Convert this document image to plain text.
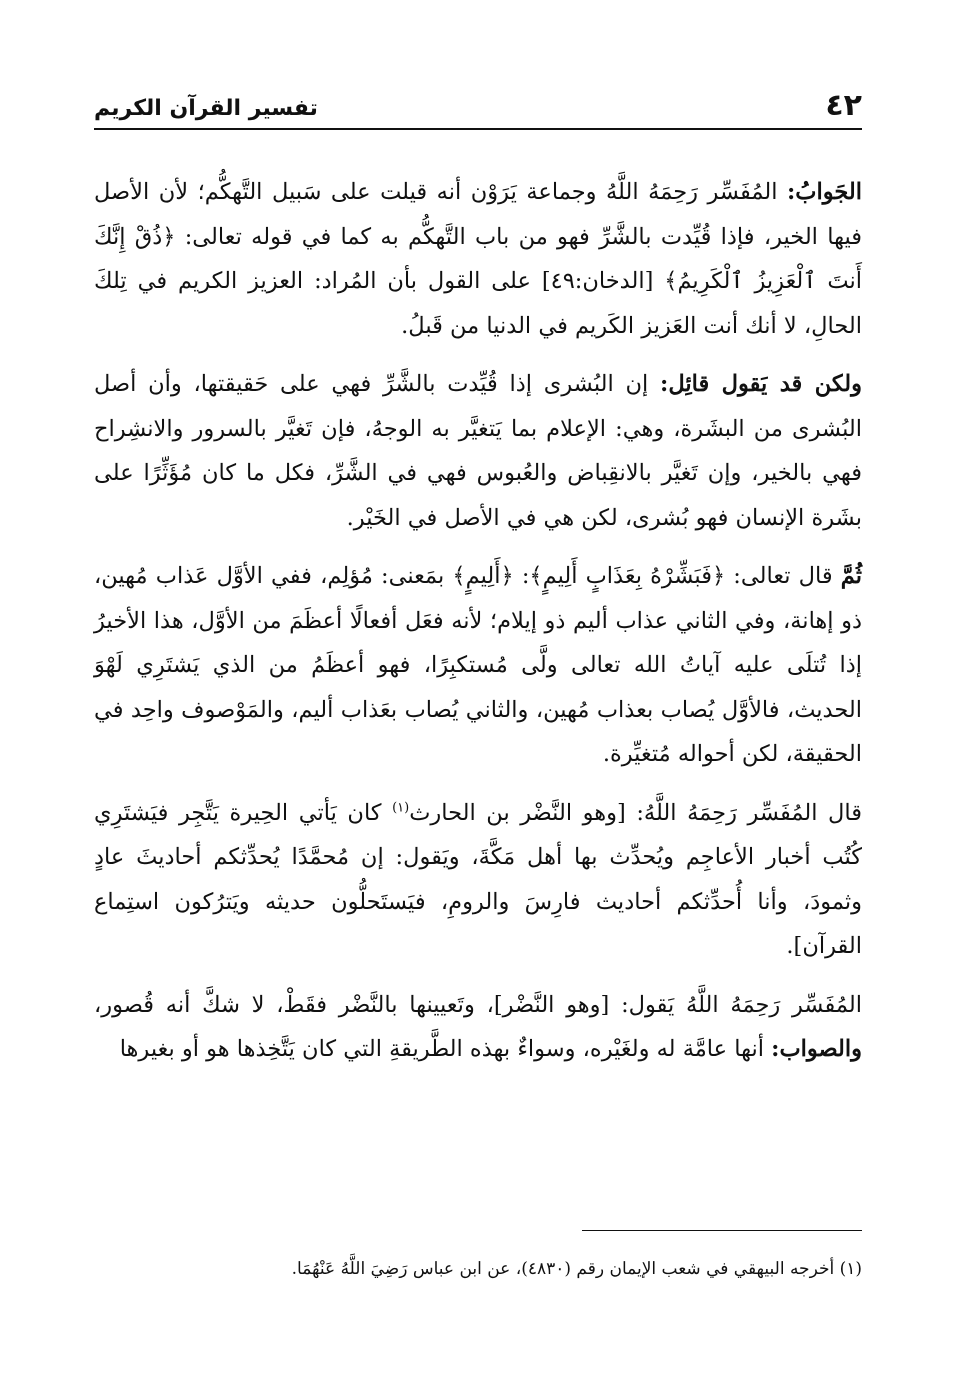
٤٢
تفسير القرآن الكريم

الجَوابُ: المُفَسِّر رَحِمَهُ اللَّهُ وجماعة يَرَوْن أنه قيلت على سَبيل التَّهكُّم؛ لأن الأصل فيها الخير، فإذا قُيِّدت بالشَّرِّ فهو من باب التَّهكُّم به كما في قوله تعالى: ﴿ذُقْ إِنَّكَ أَنتَ ٱلْعَزِيزُ ٱلْكَرِيمُ﴾ [الدخان:٤٩] على القول بأن المُراد: العزيز الكريم في تِلكَ الحالِ، لا أنك أنت العَزيز الكَريم في الدنيا من قَبلُ.

ولكن قد يَقول قائِل: إن البُشرى إذا قُيِّدت بالشَّرِّ فهي على حَقيقتها، وأن أصل البُشرى من البشَرة، وهي: الإعلام بما يَتغيَّر به الوجهُ، فإن تَغيَّر بالسرور والانشِراح فهي بالخير، وإن تَغيَّر بالانقِباض والعُبوس فهي في الشَّرِّ، فكل ما كان مُؤَثِّرًا على بشَرة الإنسان فهو بُشرى، لكن هي في الأصل في الخَيْر.

ثُمَّ قال تعالى: ﴿فَبَشِّرْهُ بِعَذَابٍ أَلِيمٍ﴾: ﴿أَلِيمٍ﴾ بمَعنى: مُؤلِم، ففي الأوَّل عَذاب مُهين، ذو إهانة، وفي الثاني عذاب أليم ذو إيلام؛ لأنه فعَل أفعالًا أعظَمَ من الأوَّل، هذا الأخيرُ إذا تُتلَى عليه آياتُ الله تعالى ولَّى مُستكبِرًا، فهو أعظَمُ من الذي يَشتَرِي لَهْوَ الحديث، فالأوَّل يُصاب بعذاب مُهين، والثاني يُصاب بعَذاب أليم، والمَوْصوف واحِد في الحقيقة، لكن أحواله مُتغيِّرة.

قال المُفَسِّر رَحِمَهُ اللَّهُ: [وهو النَّضْر بن الحارث$^{(١)}$ كان يَأتي الحِيرة يَتَّجِر فيَشتَرِي كُتُب أخبار الأعاجِم ويُحدِّث بها أهل مَكَّةَ، ويَقول: إن مُحمَّدًا يُحدِّثكم أحاديثَ عادٍ وثمودَ، وأنا أُحدِّثكم أحاديث فارِسَ والرومِ، فيَستَحلُّون حديثه ويَترُكون استِماع القرآن].

المُفَسِّر رَحِمَهُ اللَّهُ يَقول: [وهو النَّضْر]، وتَعيينها بالنَّضْر فقَطْ، لا شكَّ أنه قُصور، والصواب: أنها عامَّة له ولغَيْره، وسواءٌ بهذه الطَّريقةِ التي كان يَتَّخِذها هو أو بغيرها

(١) أخرجه البيهقي في شعب الإيمان رقم (٤٨٣٠)، عن ابن عباس رَضِيَ اللَّهُ عَنْهُمَا.
